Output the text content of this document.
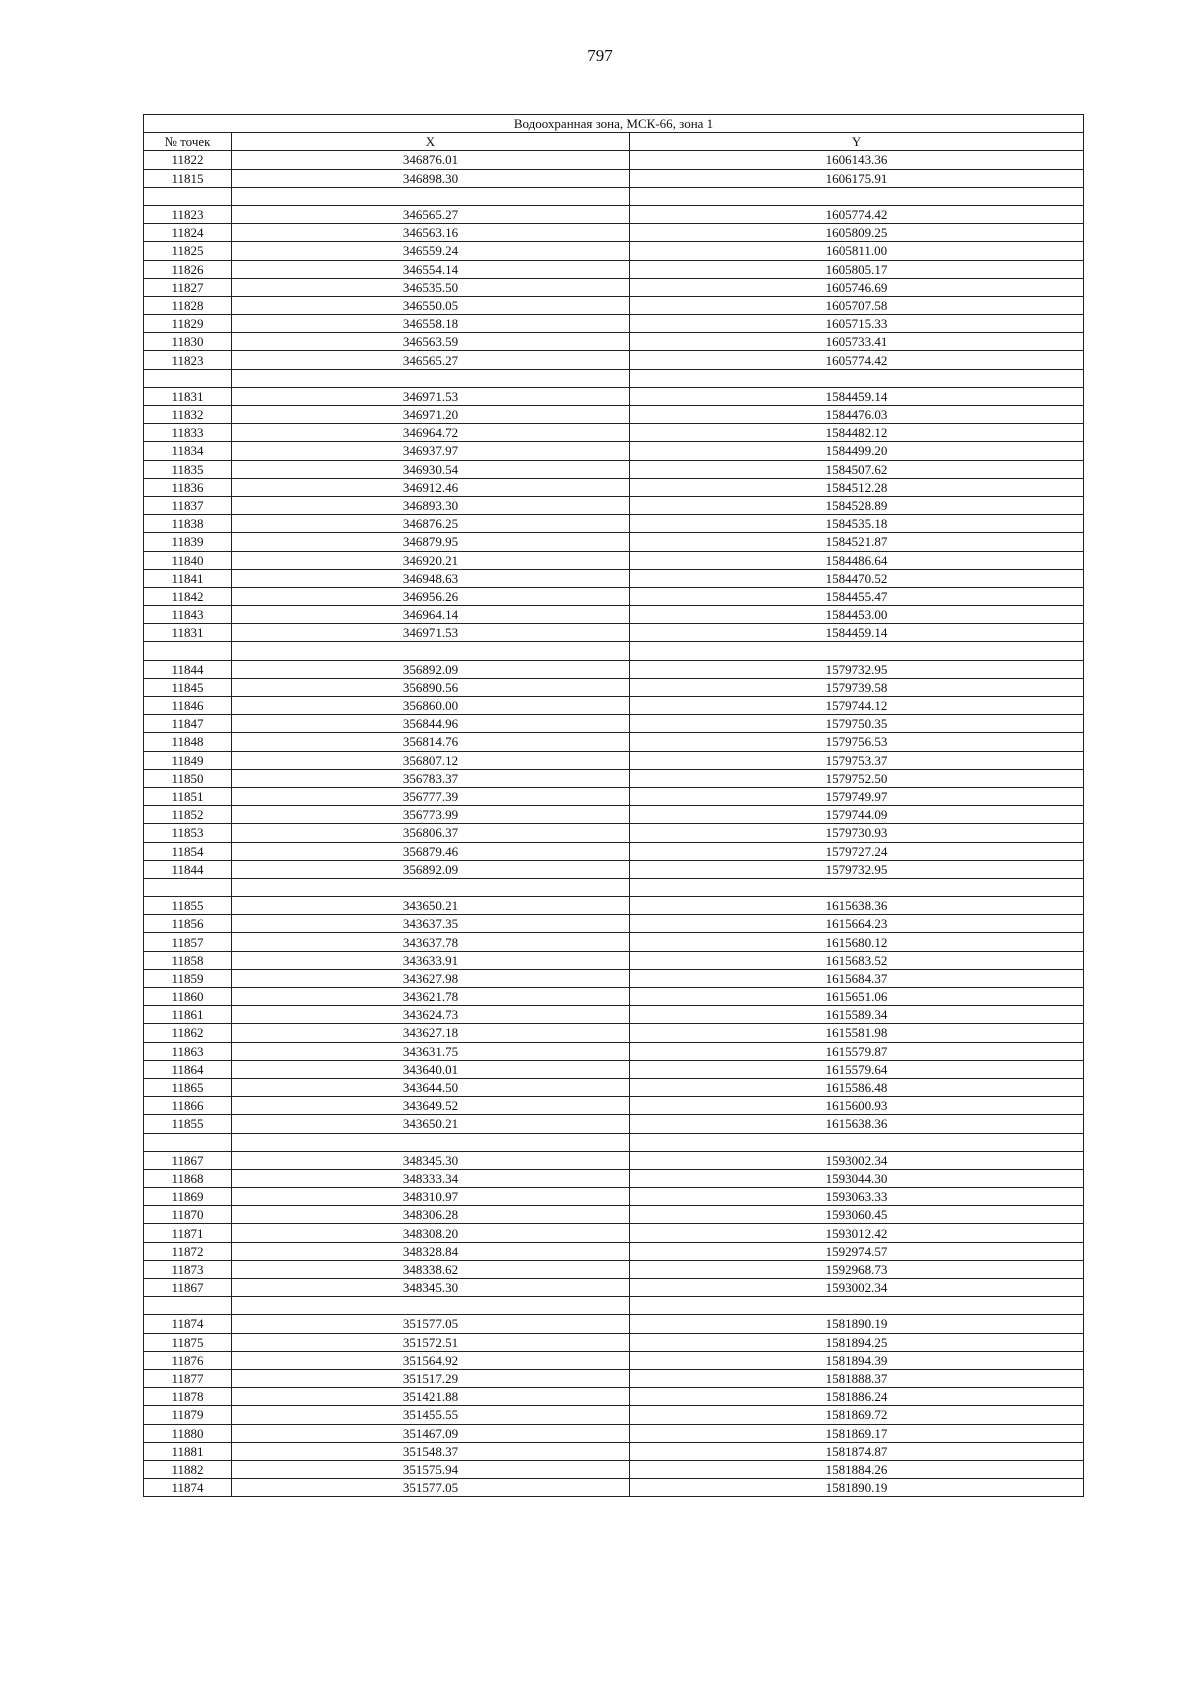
797
Водоохранная зона, МСК-66, зона 1		
№ точек	X	Y
11822	346876.01	1606143.36
11815	346898.30	1606175.91

11823	346565.27	1605774.42
11824	346563.16	1605809.25
11825	346559.24	1605811.00
11826	346554.14	1605805.17
11827	346535.50	1605746.69
11828	346550.05	1605707.58
11829	346558.18	1605715.33
11830	346563.59	1605733.41
11823	346565.27	1605774.42

11831	346971.53	1584459.14
11832	346971.20	1584476.03
11833	346964.72	1584482.12
11834	346937.97	1584499.20
11835	346930.54	1584507.62
11836	346912.46	1584512.28
11837	346893.30	1584528.89
11838	346876.25	1584535.18
11839	346879.95	1584521.87
11840	346920.21	1584486.64
11841	346948.63	1584470.52
11842	346956.26	1584455.47
11843	346964.14	1584453.00
11831	346971.53	1584459.14

11844	356892.09	1579732.95
11845	356890.56	1579739.58
11846	356860.00	1579744.12
11847	356844.96	1579750.35
11848	356814.76	1579756.53
11849	356807.12	1579753.37
11850	356783.37	1579752.50
11851	356777.39	1579749.97
11852	356773.99	1579744.09
11853	356806.37	1579730.93
11854	356879.46	1579727.24
11844	356892.09	1579732.95

11855	343650.21	1615638.36
11856	343637.35	1615664.23
11857	343637.78	1615680.12
11858	343633.91	1615683.52
11859	343627.98	1615684.37
11860	343621.78	1615651.06
11861	343624.73	1615589.34
11862	343627.18	1615581.98
11863	343631.75	1615579.87
11864	343640.01	1615579.64
11865	343644.50	1615586.48
11866	343649.52	1615600.93
11855	343650.21	1615638.36

11867	348345.30	1593002.34
11868	348333.34	1593044.30
11869	348310.97	1593063.33
11870	348306.28	1593060.45
11871	348308.20	1593012.42
11872	348328.84	1592974.57
11873	348338.62	1592968.73
11867	348345.30	1593002.34

11874	351577.05	1581890.19
11875	351572.51	1581894.25
11876	351564.92	1581894.39
11877	351517.29	1581888.37
11878	351421.88	1581886.24
11879	351455.55	1581869.72
11880	351467.09	1581869.17
11881	351548.37	1581874.87
11882	351575.94	1581884.26
11874	351577.05	1581890.19
